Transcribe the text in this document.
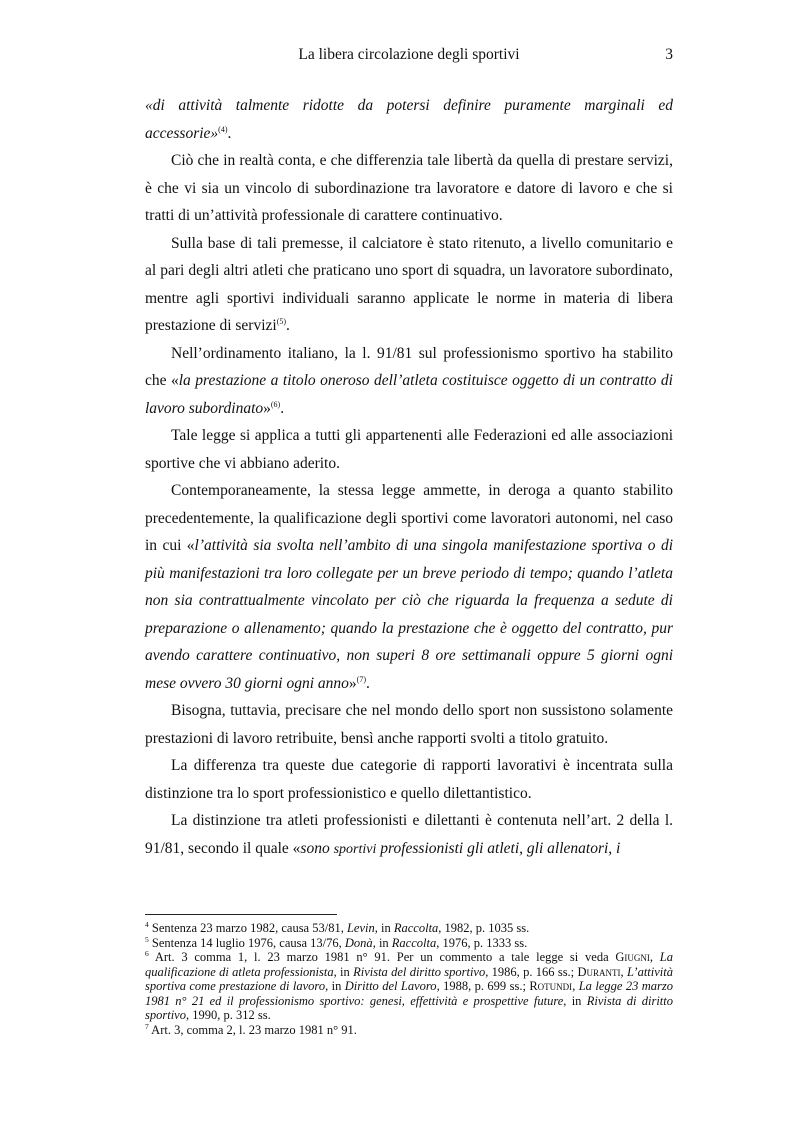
La libera circolazione degli sportivi	3

«di attività talmente ridotte da potersi definire puramente marginali ed accessorie»$^{(4)}$.

Ciò che in realtà conta, e che differenzia tale libertà da quella di prestare servizi, è che vi sia un vincolo di subordinazione tra lavoratore e datore di lavoro e che si tratti di un’attività professionale di carattere continuativo.

Sulla base di tali premesse, il calciatore è stato ritenuto, a livello comunitario e al pari degli altri atleti che praticano uno sport di squadra, un lavoratore subordinato, mentre agli sportivi individuali saranno applicate le norme in materia di libera prestazione di servizi$^{(5)}$.

Nell’ordinamento italiano, la l. 91/81 sul professionismo sportivo ha stabilito che «la prestazione a titolo oneroso dell’atleta costituisce oggetto di un contratto di lavoro subordinato»$^{(6)}$.

Tale legge si applica a tutti gli appartenenti alle Federazioni ed alle associazioni sportive che vi abbiano aderito.

Contemporaneamente, la stessa legge ammette, in deroga a quanto stabilito precedentemente, la qualificazione degli sportivi come lavoratori autonomi, nel caso in cui «l’attività sia svolta nell’ambito di una singola manifestazione sportiva o di più manifestazioni tra loro collegate per un breve periodo di tempo; quando l’atleta non sia contrattualmente vincolato per ciò che riguarda la frequenza a sedute di preparazione o allenamento; quando la prestazione che è oggetto del contratto, pur avendo carattere continuativo, non superi 8 ore settimanali oppure 5 giorni ogni mese ovvero 30 giorni ogni anno»$^{(7)}$.

Bisogna, tuttavia, precisare che nel mondo dello sport non sussistono solamente prestazioni di lavoro retribuite, bensì anche rapporti svolti a titolo gratuito.

La differenza tra queste due categorie di rapporti lavorativi è incentrata sulla distinzione tra lo sport professionistico e quello dilettantistico.

La distinzione tra atleti professionisti e dilettanti è contenuta nell’art. 2 della l. 91/81, secondo il quale «sono sportivi professionisti gli atleti, gli allenatori, i

$^4$ Sentenza 23 marzo 1982, causa 53/81, Levin, in Raccolta, 1982, p. 1035 ss.

$^5$ Sentenza 14 luglio 1976, causa 13/76, Donà, in Raccolta, 1976, p. 1333 ss.

$^6$ Art. 3 comma 1, l. 23 marzo 1981 n° 91. Per un commento a tale legge si veda Giugni, La qualificazione di atleta professionista, in Rivista del diritto sportivo, 1986, p. 166 ss.; Duranti, L’attività sportiva come prestazione di lavoro, in Diritto del Lavoro, 1988, p. 699 ss.; Rotundi, La legge 23 marzo 1981 n° 21 ed il professionismo sportivo: genesi, effettività e prospettive future, in Rivista di diritto sportivo, 1990, p. 312 ss.

$^7$ Art. 3, comma 2, l. 23 marzo 1981 n° 91.
